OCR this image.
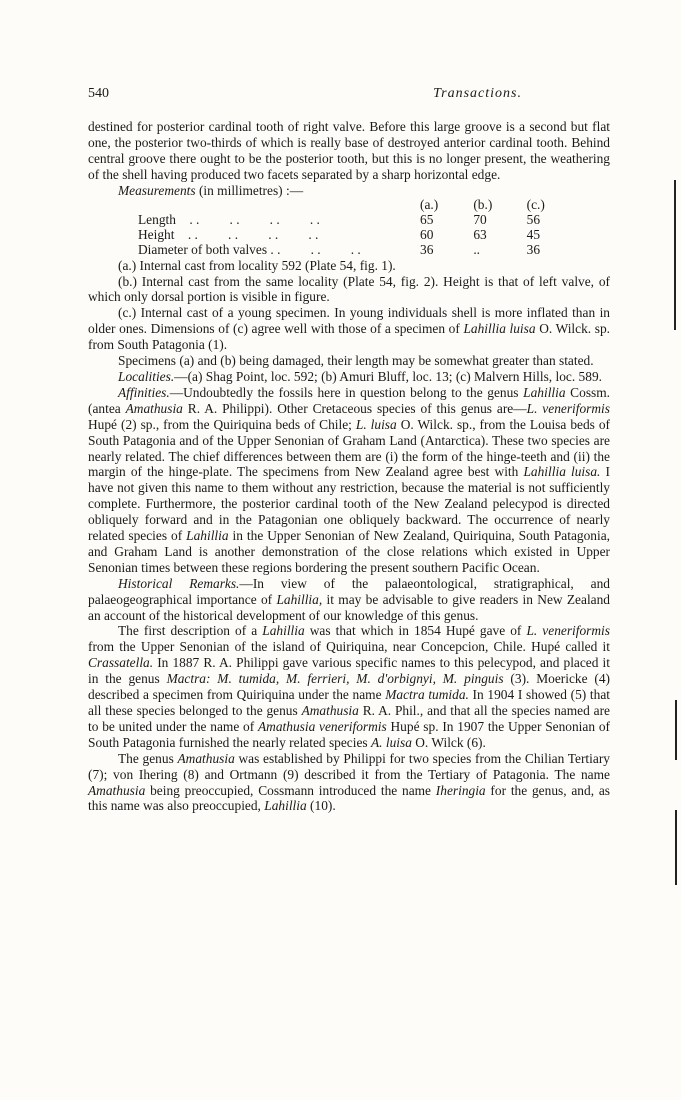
540	Transactions.

destined for posterior cardinal tooth of right valve. Before this large groove is a second but flat one, the posterior two-thirds of which is really base of destroyed anterior cardinal tooth. Behind central groove there ought to be the posterior tooth, but this is no longer present, the weathering of the shell having produced two facets separated by a sharp horizontal edge.

Measurements (in millimetres) :—

	(a.)	(b.)	(c.)
Length . .         . .         . .         . .	65	70	56
Height . .         . .         . .         . .	60	63	45
Diameter of both valves . .         . .         . .	36	..	36

(a.) Internal cast from locality 592 (Plate 54, fig. 1).

(b.) Internal cast from the same locality (Plate 54, fig. 2). Height is that of left valve, of which only dorsal portion is visible in figure.

(c.) Internal cast of a young specimen. In young individuals shell is more inflated than in older ones. Dimensions of (c) agree well with those of a specimen of Lahillia luisa O. Wilck. sp. from South Patagonia (1).

Specimens (a) and (b) being damaged, their length may be somewhat greater than stated.

Localities.—(a) Shag Point, loc. 592; (b) Amuri Bluff, loc. 13; (c) Malvern Hills, loc. 589.

Affinities.—Undoubtedly the fossils here in question belong to the genus Lahillia Cossm. (antea Amathusia R. A. Philippi). Other Cretaceous species of this genus are—L. veneriformis Hupé (2) sp., from the Quiriquina beds of Chile; L. luisa O. Wilck. sp., from the Louisa beds of South Patagonia and of the Upper Senonian of Graham Land (Antarctica). These two species are nearly related. The chief differences between them are (i) the form of the hinge-teeth and (ii) the margin of the hinge-plate. The specimens from New Zealand agree best with Lahillia luisa. I have not given this name to them without any restriction, because the material is not sufficiently complete. Furthermore, the posterior cardinal tooth of the New Zealand pelecypod is directed obliquely forward and in the Patagonian one obliquely backward. The occurrence of nearly related species of Lahillia in the Upper Senonian of New Zealand, Quiriquina, South Patagonia, and Graham Land is another demonstration of the close relations which existed in Upper Senonian times between these regions bordering the present southern Pacific Ocean.

Historical Remarks.—In view of the palaeontological, stratigraphical, and palaeogeographical importance of Lahillia, it may be advisable to give readers in New Zealand an account of the historical development of our knowledge of this genus.

The first description of a Lahillia was that which in 1854 Hupé gave of L. veneriformis from the Upper Senonian of the island of Quiriquina, near Concepcion, Chile. Hupé called it Crassatella. In 1887 R. A. Philippi gave various specific names to this pelecypod, and placed it in the genus Mactra: M. tumida, M. ferrieri, M. d'orbignyi, M. pinguis (3). Moericke (4) described a specimen from Quiriquina under the name Mactra tumida. In 1904 I showed (5) that all these species belonged to the genus Amathusia R. A. Phil., and that all the species named are to be united under the name of Amathusia veneriformis Hupé sp. In 1907 the Upper Senonian of South Patagonia furnished the nearly related species A. luisa O. Wilck (6).

The genus Amathusia was established by Philippi for two species from the Chilian Tertiary (7); von Ihering (8) and Ortmann (9) described it from the Tertiary of Patagonia. The name Amathusia being preoccupied, Cossmann introduced the name Iheringia for the genus, and, as this name was also preoccupied, Lahillia (10).
